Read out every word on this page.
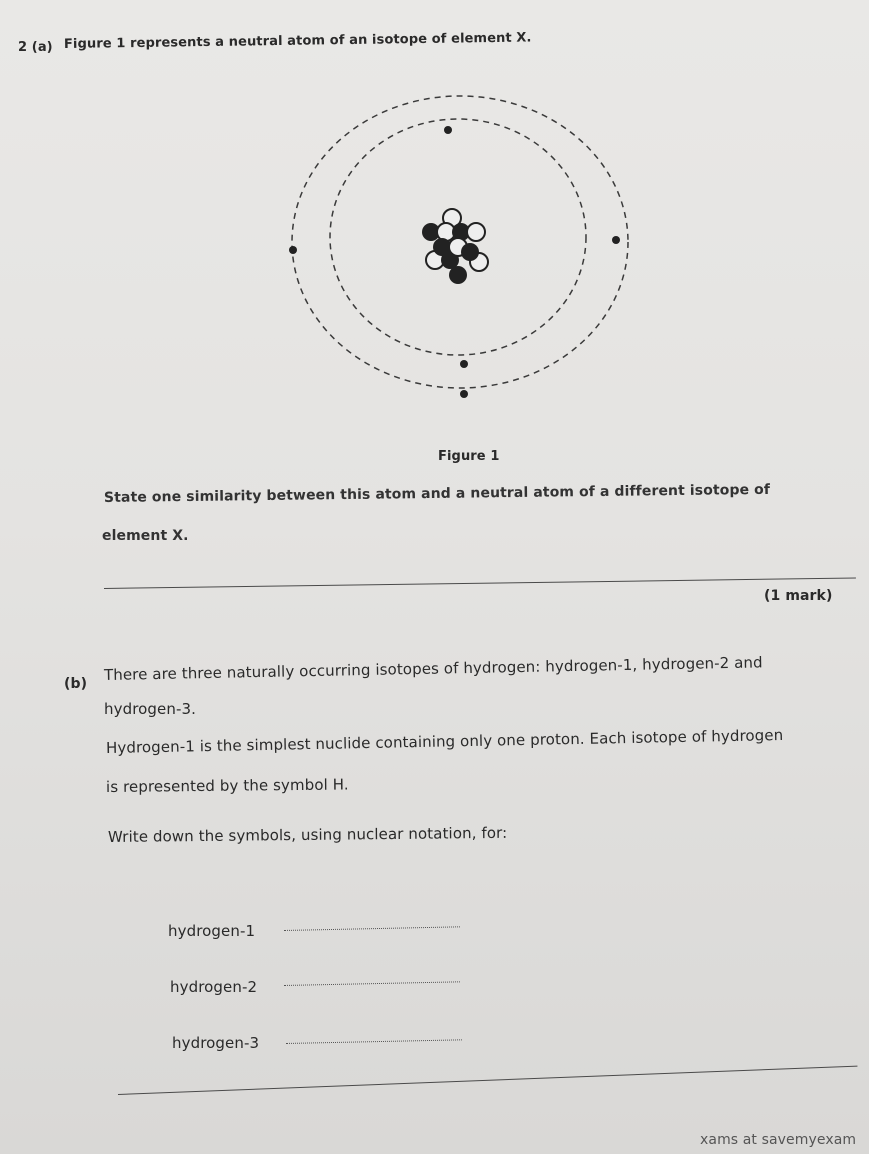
2 (a) Figure 1 represents a neutral atom of an isotope of element X.
Figure 1
State one similarity between this atom and a neutral atom of a different isotope of
element X.
(1 mark)
(b)
There are three naturally occurring isotopes of hydrogen: hydrogen-1, hydrogen-2 and
hydrogen-3.
Hydrogen-1 is the simplest nuclide containing only one proton. Each isotope of hydrogen
is represented by the symbol H.
Write down the symbols, using nuclear notation, for:
hydrogen-1
hydrogen-2
hydrogen-3
xams at savemyexam
